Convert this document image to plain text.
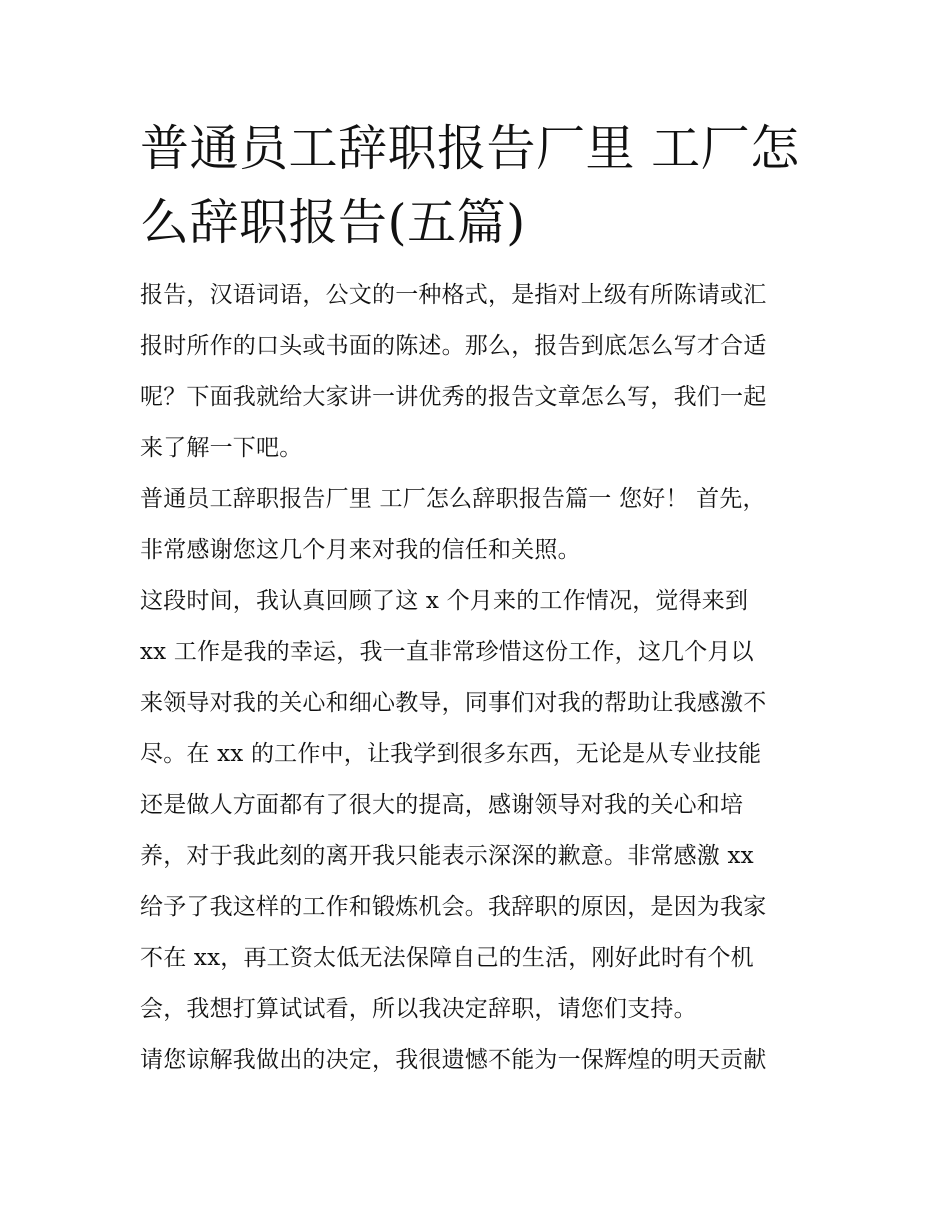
普通员工辞职报告厂里 工厂怎
么辞职报告(五篇)
报告，汉语词语，公文的一种格式，是指对上级有所陈请或汇
报时所作的口头或书面的陈述。那么，报告到底怎么写才合适
呢？下面我就给大家讲一讲优秀的报告文章怎么写，我们一起
来了解一下吧。
普通员工辞职报告厂里 工厂怎么辞职报告篇一 您好！ 首先，
非常感谢您这几个月来对我的信任和关照。
这段时间，我认真回顾了这 x 个月来的工作情况，觉得来到
xx 工作是我的幸运，我一直非常珍惜这份工作，这几个月以
来领导对我的关心和细心教导，同事们对我的帮助让我感激不
尽。在 xx 的工作中，让我学到很多东西，无论是从专业技能
还是做人方面都有了很大的提高，感谢领导对我的关心和培
养，对于我此刻的离开我只能表示深深的歉意。非常感激 xx
给予了我这样的工作和锻炼机会。我辞职的原因，是因为我家
不在 xx，再工资太低无法保障自己的生活，刚好此时有个机
会，我想打算试试看，所以我决定辞职，请您们支持。
请您谅解我做出的决定，我很遗憾不能为一保辉煌的明天贡献
